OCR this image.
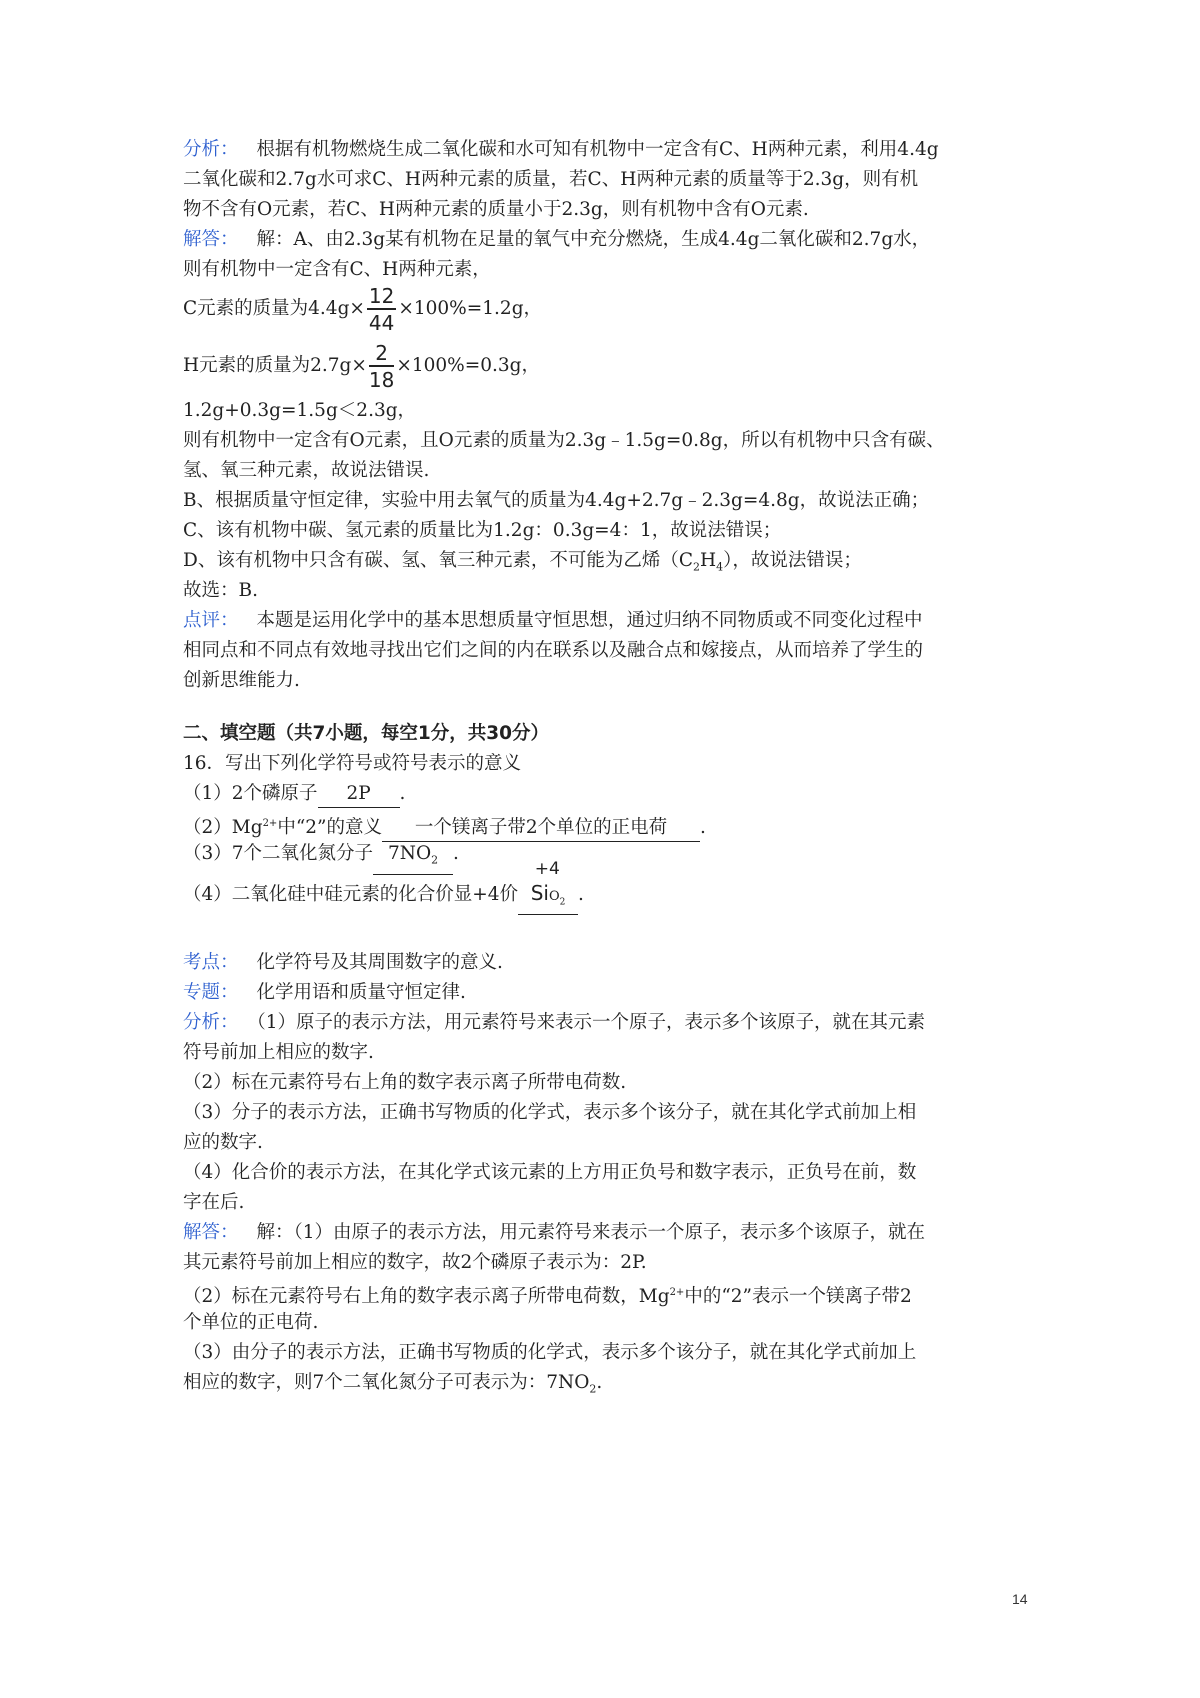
分析： 根据有机物燃烧生成二氧化碳和水可知有机物中一定含有C、H两种元素，利用4.4g
二氧化碳和2.7g水可求C、H两种元素的质量，若C、H两种元素的质量等于2.3g，则有机
物不含有O元素，若C、H两种元素的质量小于2.3g，则有机物中含有O元素.
解答： 解：A、由2.3g某有机物在足量的氧气中充分燃烧，生成4.4g二氧化碳和2.7g水，
则有机物中一定含有C、H两种元素，
C元素的质量为$4.4g\times \frac{12}{44} \times 100\%=1.2g$，
H元素的质量为$2.7g\times \frac{2}{18} \times 100\%=0.3g$，
1.2g+0.3g=1.5g＜2.3g，
则有机物中一定含有O元素，且O元素的质量为2.3g﹣1.5g=0.8g，所以有机物中只含有碳、
氢、氧三种元素，故说法错误.
B、根据质量守恒定律，实验中用去氧气的质量为4.4g+2.7g﹣2.3g=4.8g，故说法正确；
C、该有机物中碳、氢元素的质量比为1.2g：0.3g=4：1，故说法错误；
D、该有机物中只含有碳、氢、氧三种元素，不可能为乙烯$(C_2H_4)$，故说法错误；
故选：B.
点评： 本题是运用化学中的基本思想质量守恒思想，通过归纳不同物质或不同变化过程中
相同点和不同点有效地寻找出它们之间的内在联系以及融合点和嫁接点，从而培养了学生的
创新思维能力.
二、填空题（共7小题，每空1分，共30分）
16．写出下列化学符号或符号表示的意义
（1）2个磷原子 2P .
$(2)Mg^{2+}$中“2”的意义 一个镁离子带2个单位的正电荷 .
（3）7个二氧化氮分子 $7NO_2$ .
（4）二氧化硅中硅元素的化合价显+4价
+4
SiO$_2$ .
考点： 化学符号及其周围数字的意义.
专题： 化学用语和质量守恒定律.
分析： （1）原子的表示方法，用元素符号来表示一个原子，表示多个该原子，就在其元素
符号前加上相应的数字.
（2）标在元素符号右上角的数字表示离子所带电荷数.
（3）分子的表示方法，正确书写物质的化学式，表示多个该分子，就在其化学式前加上相
应的数字.
（4）化合价的表示方法，在其化学式该元素的上方用正负号和数字表示，正负号在前，数
字在后.
解答： 解：（1）由原子的表示方法，用元素符号来表示一个原子，表示多个该原子，就在
其元素符号前加上相应的数字，故2个磷原子表示为：2P.
（2）标在元素符号右上角的数字表示离子所带电荷数，$Mg^{2+}$中的“2”表示一个镁离子带2
个单位的正电荷.
（3）由分子的表示方法，正确书写物质的化学式，表示多个该分子，就在其化学式前加上
相应的数字，则7个二氧化氮分子可表示为：$7NO_2$.
14
